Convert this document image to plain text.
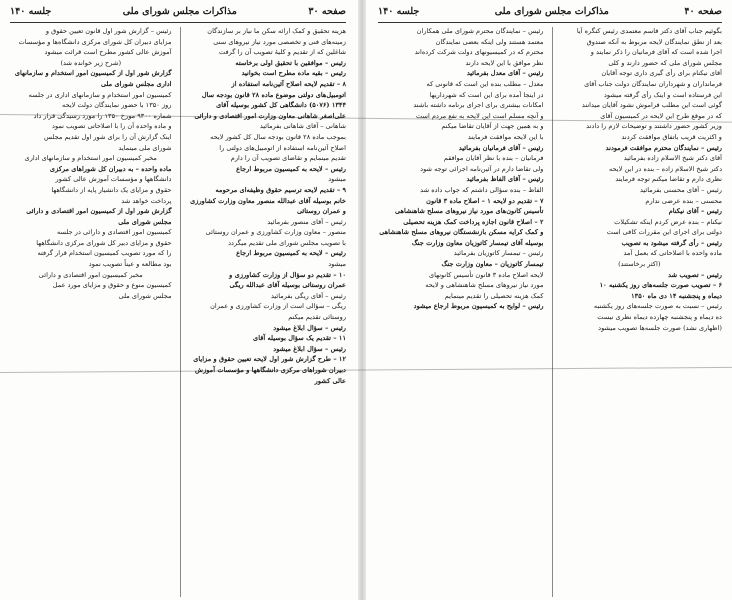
صفحه ۳۰
مذاکرات مجلس شورای ملی
جلسه ۱۴۰
هزینه تحقیق و کمک ارائه سکن ما نیاز بر سازندگان
زمینه‌های فنی و تخصصی مورد نیاز نیروهای سنی
شاغلین که از تقدیم و کلیهٔ تصویب آن را گرفت
رئیس – موافقین با تحقیق اولی برخاسته
رئیس – بقیه ماده مطرح است بخوانید
۸ – تقدیم لایحه اصلاح آئین‌نامه استفاده از
اتومبیل‌های دولتی موضوع ماده ۲۸ قانون بودجه سال
۱۳۴۴ (۵۰۷۶) دانشگاهی کل کشور بوسیله آقای
علی‌اصغر شاهانی معاون وزارت امور اقتصادی و دارائی
شاهانی – آقای شاهانی بفرمائید
بموجب ماده ۲۸ قانون بودجه سال کل کشور لایحه
اصلاح آئین‌نامه استفاده از اتومبیل‌های دولتی را
تقدیم مینمایم و تقاضای تصویب آن را دارم
رئیس – لایحه به کمیسیون مربوط ارجاع
میشود
۹ – تقدیم لایحه ترسیم حقوق وظیفه‌ای مرحومه
خانم بوسیله آقای عبدالله منصور معاون وزارت کشاورزی
و عمران روستائی
رئیس – آقای منصور بفرمائید
منصور – معاون وزارت کشاورزی و عمران روستائی
با تصویب مجلس شورای ملی تقدیم میگردد
رئیس – لایحه به کمیسیون مربوط ارجاع
میشود
۱۰ – تقدیم دو سؤال از وزارت کشاورزی و
عمران روستائی بوسیله آقای عبدالله ریگی
رئیس – آقای ریگی بفرمائید
ریگی – سؤالی است از وزارت کشاورزی و عمران
روستائی تقدیم میکنم
رئیس – سؤال ابلاغ میشود
۱۱ – تقدیم یک سؤال بوسیله آقای
رئیس – سؤال ابلاغ میشود
۱۲ – طرح گزارش شور اول لایحه تعیین حقوق و مزایای
دبیران شوراهای مرکزی دانشگاهها و مؤسسات آموزش
عالی کشور
رئیس – گزارش شور اول قانون تعیین حقوق و
مزایای دبیران کل شورای مرکزی دانشگاه‌ها و مؤسسات
آموزش عالی کشور مطرح است قرائت میشود
(شرح زیر خوانده شد)
گزارش شور اول از کمیسیون امور استخدام و سازمانهای
اداری مجلس شورای ملی
کمیسیون امور استخدام و سازمانهای اداری در جلسه
روز ۱۳۵۰ با حضور نمایندگان دولت لایحه
شماره ۹۳۰۰ مورخ ۱۳۵۰ را مورد رسیدگی قرار داد
و ماده واحده آن را با اصلاحاتی تصویب نمود
اینک گزارش آن را برای شور اول تقدیم مجلس
شورای ملی مینماید
مخبر کمیسیون امور استخدام و سازمانهای اداری
ماده واحده – به دبیران کل شوراهای مرکزی
دانشگاهها و مؤسسات آموزش عالی کشور
حقوق و مزایای یک دانشیار پایه از دانشگاهها
پرداخت خواهد شد
گزارش شور اول از کمیسیون امور اقتصادی و دارائی
مجلس شورای ملی
کمیسیون امور اقتصادی و دارائی در جلسه
حقوق و مزایای دبیر کل شورای مرکزی دانشگاهها
را که مورد تصویب کمیسیون استخدام قرار گرفته
بود مطالعه و عیناً تصویب نمود
مخبر کمیسیون امور اقتصادی و دارائی
کمیسیون منوع و حقوق و مزایای مورد عمل
مجلس شورای ملی
صفحه ۴۰
مذاکرات مجلس شورای ملی
جلسه ۱۴۰
بگوئیم جناب آقای دکتر قاسم معتمدی رئیس کنگره آیا
بعد از نطق نمایندگان لایحه مربوط به آنکه صندوق
اجرا شده است که آقای فرمانیان را ذکر نمایند و
مجلس شورای ملی که حضور دارند و کلی
آقای نیکنام برای رأی گیری داری توجه آقایان
فرمانداران و شهرداران نمایندگان دولت جناب آقای
این فرستاده است و اینک رأی گرفته میشود
گوئی است این مطلب فراموش نشود آقایان میدانند
که در موقع طرح این لایحه در کمیسیون آقای
وزیر کشور حضور داشتند و توضیحات لازم را دادند
و اکثریت قریب باتفاق موافقت کردند
رئیس – نمایندگان محترم موافقت فرمودند
آقای دکتر شیخ الاسلام زاده بفرمائید
دکتر شیخ الاسلام زاده – بنده در این لایحه
نظری دارم و تقاضا میکنم توجه فرمایند
رئیس – آقای محسنی بفرمائید
محسنی – بنده عرضی ندارم
رئیس – آقای نیکنام
نیکنام – بنده عرض کردم اینکه تشکیلات
دولتی برای اجرای این مقررات کافی است
رئیس – رأی گرفته میشود به تصویب
ماده واحده با اصلاحاتی که بعمل آمد
(اکثر برخاستند)
رئیس – تصویب شد
۶ – تصویب صورت جلسه‌های روز یکشنبه ۱۰
دیماه و پنجشنبه ۱۴ دی ماه ۱۳۵۰
رئیس – نسبت به صورت جلسه‌های روز یکشنبه
ده دیماه و پنجشنبه چهارده دیماه نظری نیست
(اظهاری نشد) صورت جلسه‌ها تصویب میشود
رئیس – نمایندگان محترم شورای ملی همکاران
معتمد هستند ولی اینکه بعضی نمایندگان
محترم که در کمیسیونهای دولت شرکت کرده‌اند
نظر موافق با این لایحه دارند
رئیس – آقای معدل بفرمائید
معدل – مطلب بنده این است که قانونی که
در اینجا آمده برای این است که شهرداریها
امکانات بیشتری برای اجرای برنامه داشته باشند
و آنچه مسلم است این لایحه به نفع مردم است
و به همین جهت از آقایان تقاضا میکنم
با این لایحه موافقت فرمایند
رئیس – آقای فرمانیان بفرمائید
فرمانیان – بنده با نظر آقایان موافقم
ولی تقاضا دارم در آئین‌نامه اجرائی توجه شود
رئیس – آقای الفاظ بفرمائید
الفاظ – بنده سؤالی داشتم که جواب داده شد
۷ – تقدیم دو لایحه ۱ – اصلاح ماده ۳ قانون
تأسیس کانون‌های مورد نیاز نیروهای مسلح شاهنشاهی
۲ – اصلاح قانون اجازه پرداخت کمک هزینه تحصیلی
و کمک کرایه مسکن بازنشستگان نیروهای مسلح شاهنشاهی
بوسیله آقای تیمسار کاتوزیان معاون وزارت جنگ
رئیس – تیمسار کاتوزیان بفرمائید
تیمسار کاتوزیان – معاون وزارت جنگ
لایحه اصلاح ماده ۳ قانون تأسیس کانونهای
مورد نیاز نیروهای مسلح شاهنشاهی و لایحه
کمک هزینه تحصیلی را تقدیم مینمایم
رئیس – لوایح به کمیسیون مربوط ارجاع میشود
